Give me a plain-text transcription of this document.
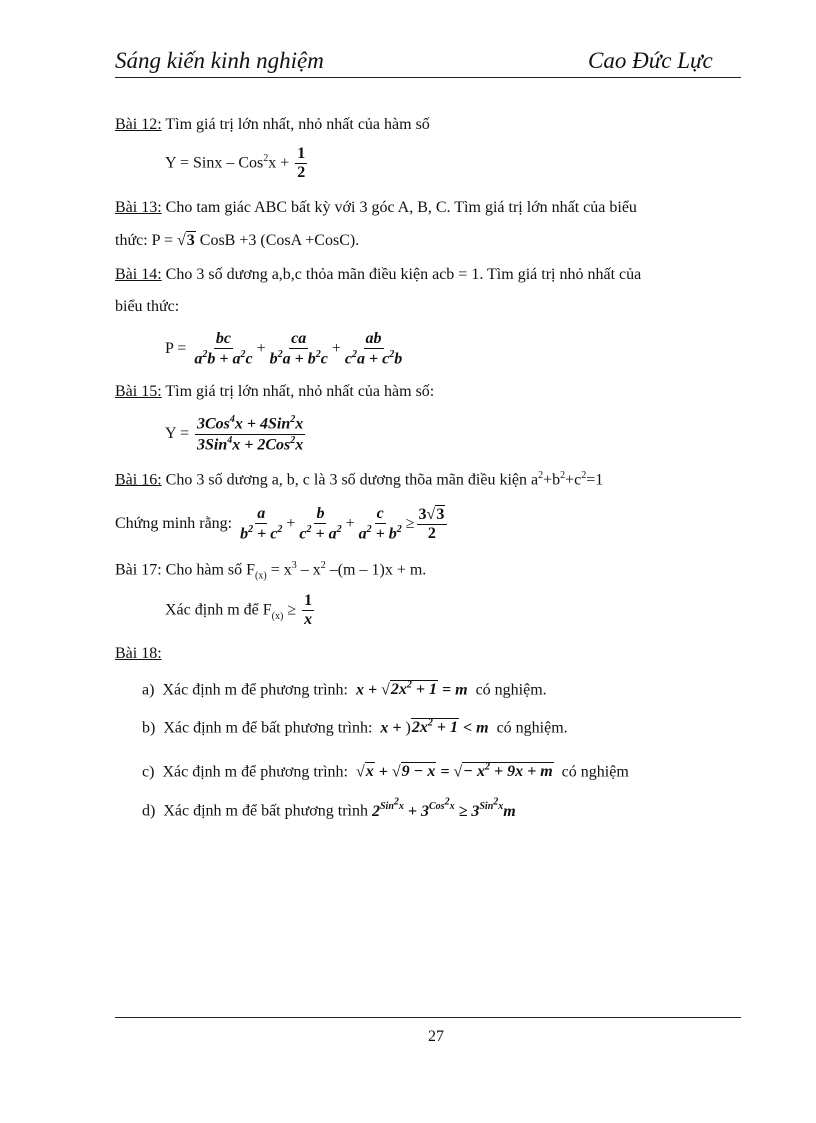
Sáng kiến kinh nghiệm	Cao Đức Lực
Bài 12: Tìm giá trị lớn nhất, nhỏ nhất của hàm số
Y = Sinx – $Cos^2x + \frac{1}{2}$
Bài 13: Cho tam giác ABC bất kỳ với 3 góc A, B, C. Tìm giá trị lớn nhất của biểu
thức: P = √3 CosB +3 (CosA +CosC).
Bài 14: Cho 3 số dương a,b,c thỏa mãn điều kiện acb = 1. Tìm giá trị nhỏ nhất của
biểu thức:
$P = \frac{bc}{a^2b + a^2c} + \frac{ca}{b^2a + b^2c} + \frac{ab}{c^2a + c^2b}$
Bài 15: Tìm giá trị lớn nhất, nhỏ nhất của hàm số:
$Y = \frac{3Cos^4x + 4Sin^2x}{3Sin^4x + 2Cos^2x}$
Bài 16: Cho 3 số dương a, b, c là 3 số dương thõa mãn điều kiện $a^2+b^2+c^2=1$
Chứng minh rằng: $\frac{a}{b^2 + c^2} + \frac{b}{c^2 + a^2} + \frac{c}{a^2 + b^2} \ge \frac{3√3}{2}$
Bài 17: Cho hàm số $F_{(x)} = x^3 - x^2$ –(m – 1)x + m.
Xác định m để $F_{(x)} \ge \frac{1}{x}$
Bài 18:
a) Xác định m để phương trình: $x + √2x^2 + 1 = m$ có nghiệm.
b) Xác định m để bất phương trình: $x + )2x^2 + 1 < m$ có nghiệm.
c) Xác định m để phương trình: √x + √9 − x = √− $x^2 + 9x + m$ có nghiệm
d) Xác định m để bất phương trình $2^{Sin^2x} + 3^{Cos^2x} \ge 3^{Sin^2x}m$
27
